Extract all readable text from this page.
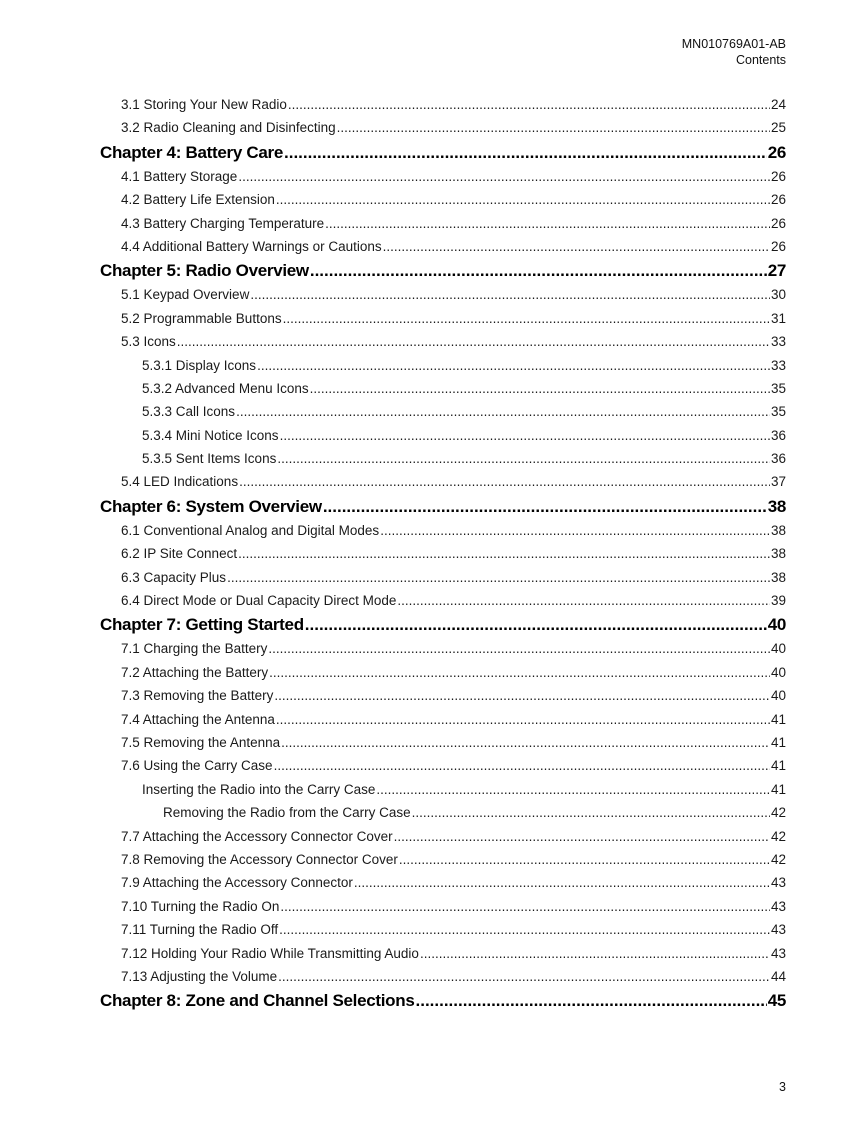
MN010769A01-AB
Contents
3.1 Storing Your New Radio .....	24
3.2 Radio Cleaning and Disinfecting .....	25
Chapter 4: Battery Care .....	26
4.1 Battery Storage .....	26
4.2 Battery Life Extension .....	26
4.3 Battery Charging Temperature .....	26
4.4 Additional Battery Warnings or Cautions .....	26
Chapter 5: Radio Overview .....	27
5.1 Keypad Overview .....	30
5.2 Programmable Buttons .....	31
5.3 Icons .....	33
5.3.1 Display Icons .....	33
5.3.2 Advanced Menu Icons .....	35
5.3.3 Call Icons .....	35
5.3.4 Mini Notice Icons .....	36
5.3.5 Sent Items Icons .....	36
5.4 LED Indications .....	37
Chapter 6: System Overview .....	38
6.1 Conventional Analog and Digital Modes .....	38
6.2 IP Site Connect .....	38
6.3 Capacity Plus .....	38
6.4 Direct Mode or Dual Capacity Direct Mode .....	39
Chapter 7: Getting Started .....	40
7.1 Charging the Battery .....	40
7.2 Attaching the Battery .....	40
7.3 Removing the Battery .....	40
7.4 Attaching the Antenna .....	41
7.5 Removing the Antenna .....	41
7.6 Using the Carry Case .....	41
Inserting the Radio into the Carry Case .....	41
Removing the Radio from the Carry Case .....	42
7.7 Attaching the Accessory Connector Cover .....	42
7.8 Removing the Accessory Connector Cover .....	42
7.9 Attaching the Accessory Connector .....	43
7.10 Turning the Radio On .....	43
7.11 Turning the Radio Off .....	43
7.12 Holding Your Radio While Transmitting Audio .....	43
7.13 Adjusting the Volume .....	44
Chapter 8: Zone and Channel Selections .....	45
3
